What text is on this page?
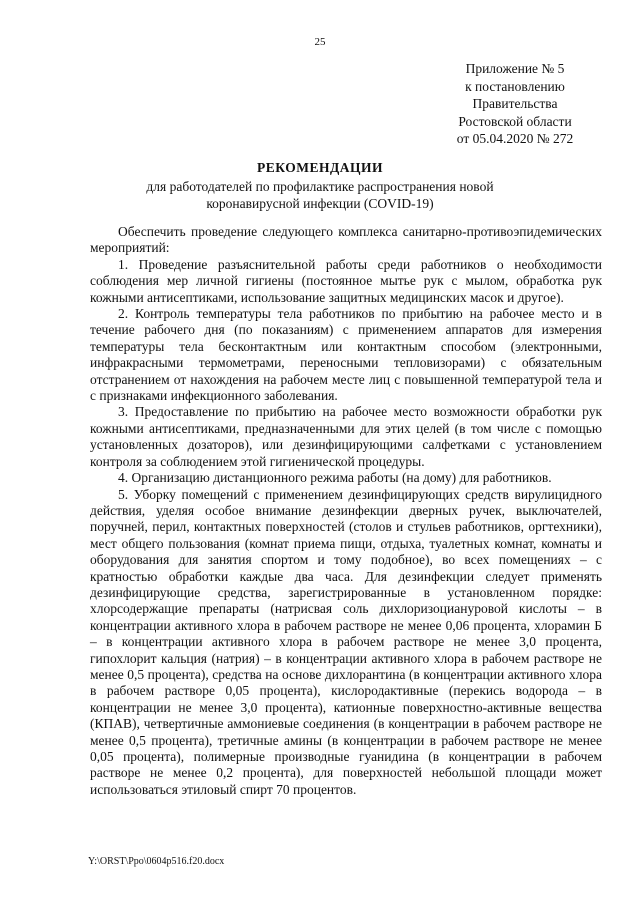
25
Приложение № 5
к постановлению
Правительства
Ростовской области
от 05.04.2020 № 272
РЕКОМЕНДАЦИИ
для работодателей по профилактике распространения новой коронавирусной инфекции (COVID-19)

Обеспечить проведение следующего комплекса санитарно-противоэпидемических мероприятий:

1. Проведение разъяснительной работы среди работников о необходимости соблюдения мер личной гигиены (постоянное мытье рук с мылом, обработка рук кожными антисептиками, использование защитных медицинских масок и другое).

2. Контроль температуры тела работников по прибытию на рабочее место и в течение рабочего дня (по показаниям) с применением аппаратов для измерения температуры тела бесконтактным или контактным способом (электронными, инфракрасными термометрами, переносными тепловизорами) с обязательным отстранением от нахождения на рабочем месте лиц с повышенной температурой тела и с признаками инфекционного заболевания.

3. Предоставление по прибытию на рабочее место возможности обработки рук кожными антисептиками, предназначенными для этих целей (в том числе с помощью установленных дозаторов), или дезинфицирующими салфетками с установлением контроля за соблюдением этой гигиенической процедуры.

4. Организацию дистанционного режима работы (на дому) для работников.

5. Уборку помещений с применением дезинфицирующих средств вирулицидного действия, уделяя особое внимание дезинфекции дверных ручек, выключателей, поручней, перил, контактных поверхностей (столов и стульев работников, оргтехники), мест общего пользования (комнат приема пищи, отдыха, туалетных комнат, комнаты и оборудования для занятия спортом и тому подобное), во всех помещениях – с кратностью обработки каждые два часа. Для дезинфекции следует применять дезинфицирующие средства, зарегистрированные в установленном порядке: хлорсодержащие препараты (натрисвая соль дихлоризоциануровой кислоты – в концентрации активного хлора в рабочем растворе не менее 0,06 процента, хлорамин Б – в концентрации активного хлора в рабочем растворе не менее 3,0 процента, гипохлорит кальция (натрия) – в концентрации активного хлора в рабочем растворе не менее 0,5 процента), средства на основе дихлорантина (в концентрации активного хлора в рабочем растворе 0,05 процента), кислородактивные (перекись водорода – в концентрации не менее 3,0 процента), катионные поверхностно-активные вещества (КПАВ), четвертичные аммониевые соединения (в концентрации в рабочем растворе не менее 0,5 процента), третичные амины (в концентрации в рабочем растворе не менее 0,05 процента), полимерные производные гуанидина (в концентрации в рабочем растворе не менее 0,2 процента), для поверхностей небольшой площади может использоваться этиловый спирт 70 процентов.

Y:\ORST\Ppo\0604p516.f20.docx
